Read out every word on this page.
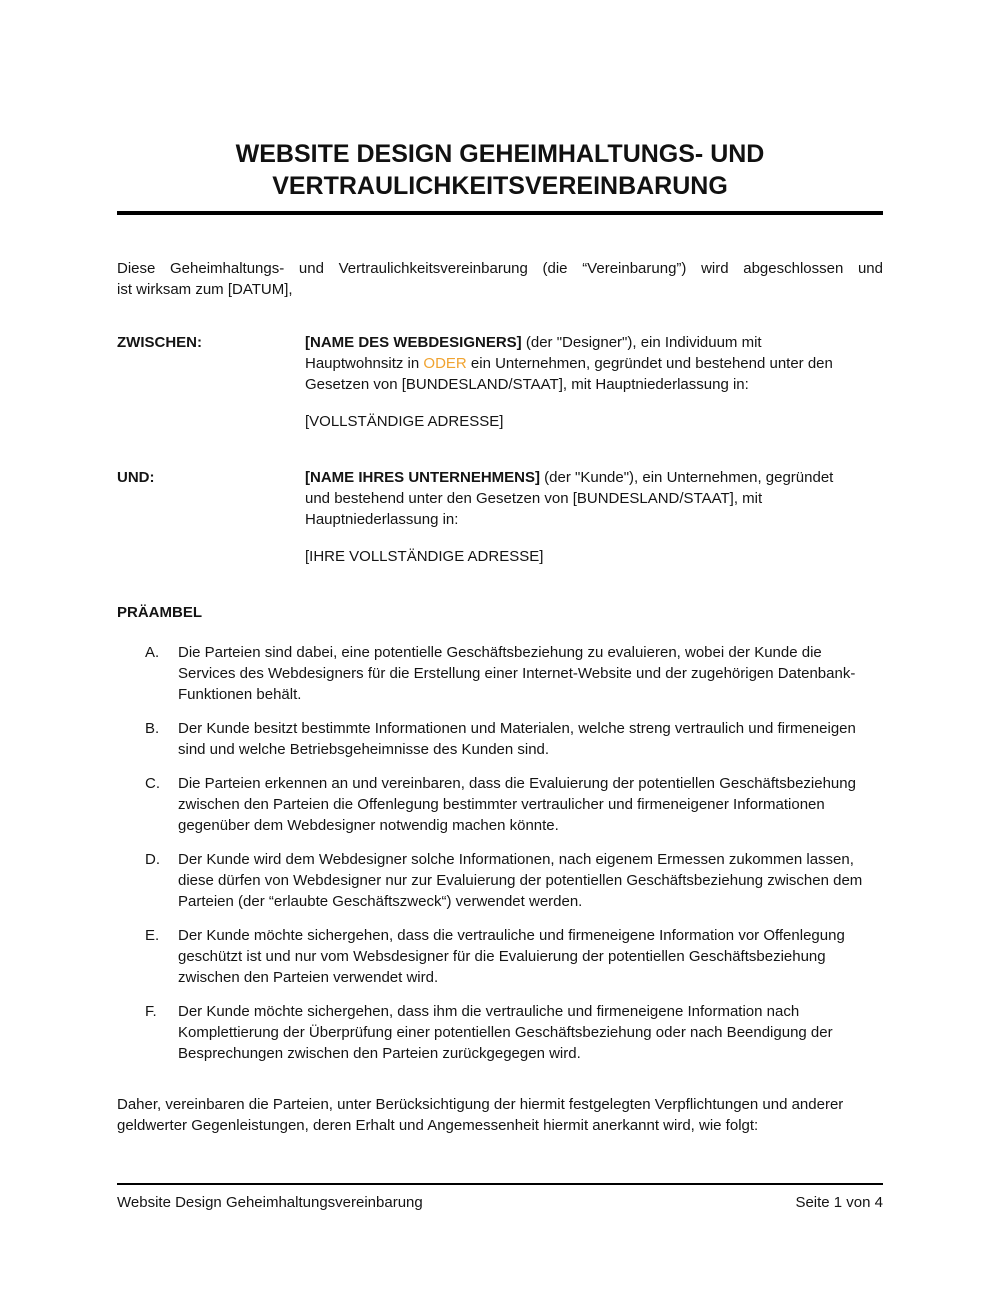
WEBSITE DESIGN GEHEIMHALTUNGS- UND VERTRAULICHKEITSVEREINBARUNG
Diese Geheimhaltungs- und Vertraulichkeitsvereinbarung (die “Vereinbarung”) wird abgeschlossen und
ist wirksam zum [DATUM],
ZWISCHEN:	[NAME DES WEBDESIGNERS] (der "Designer"), ein Individuum mit
Hauptwohnsitz in ODER ein Unternehmen, gegründet und bestehend unter den
Gesetzen von [BUNDESLAND/STAAT], mit Hauptniederlassung in:
[VOLLSTÄNDIGE ADRESSE]
UND:	[NAME IHRES UNTERNEHMENS] (der "Kunde"), ein Unternehmen, gegründet
und bestehend unter den Gesetzen von [BUNDESLAND/STAAT], mit
Hauptniederlassung in:
[IHRE VOLLSTÄNDIGE ADRESSE]
PRÄAMBEL
A.	Die Parteien sind dabei, eine potentielle Geschäftsbeziehung zu evaluieren, wobei der Kunde die Services des Webdesigners für die Erstellung einer Internet-Website und der zugehörigen Datenbank-Funktionen behält.
B.	Der Kunde besitzt bestimmte Informationen und Materialen, welche streng vertraulich und firmeneigen sind und welche Betriebsgeheimnisse des Kunden sind.
C.	Die Parteien erkennen an und vereinbaren, dass die Evaluierung der potentiellen Geschäftsbeziehung zwischen den Parteien die Offenlegung bestimmter vertraulicher und firmeneigener Informationen gegenüber dem Webdesigner notwendig machen könnte.
D.	Der Kunde wird dem Webdesigner solche Informationen, nach eigenem Ermessen zukommen lassen, diese dürfen von Webdesigner nur zur Evaluierung der potentiellen Geschäftsbeziehung zwischen dem Parteien (der “erlaubte Geschäftszweck“) verwendet werden.
E.	Der Kunde möchte sichergehen, dass die vertrauliche und firmeneigene Information vor Offenlegung geschützt ist und nur vom Websdesigner für die Evaluierung der potentiellen Geschäftsbeziehung zwischen den Parteien verwendet wird.
F.	Der Kunde möchte sichergehen, dass ihm die vertrauliche und firmeneigene Information nach Komplettierung der Überprüfung einer potentiellen Geschäftsbeziehung oder nach Beendigung der Besprechungen zwischen den Parteien zurückgegegen wird.
Daher, vereinbaren die Parteien, unter Berücksichtigung der hiermit festgelegten Verpflichtungen und anderer geldwerter Gegenleistungen, deren Erhalt und Angemessenheit hiermit anerkannt wird, wie folgt:
Website Design Geheimhaltungsvereinbarung	Seite 1 von 4
